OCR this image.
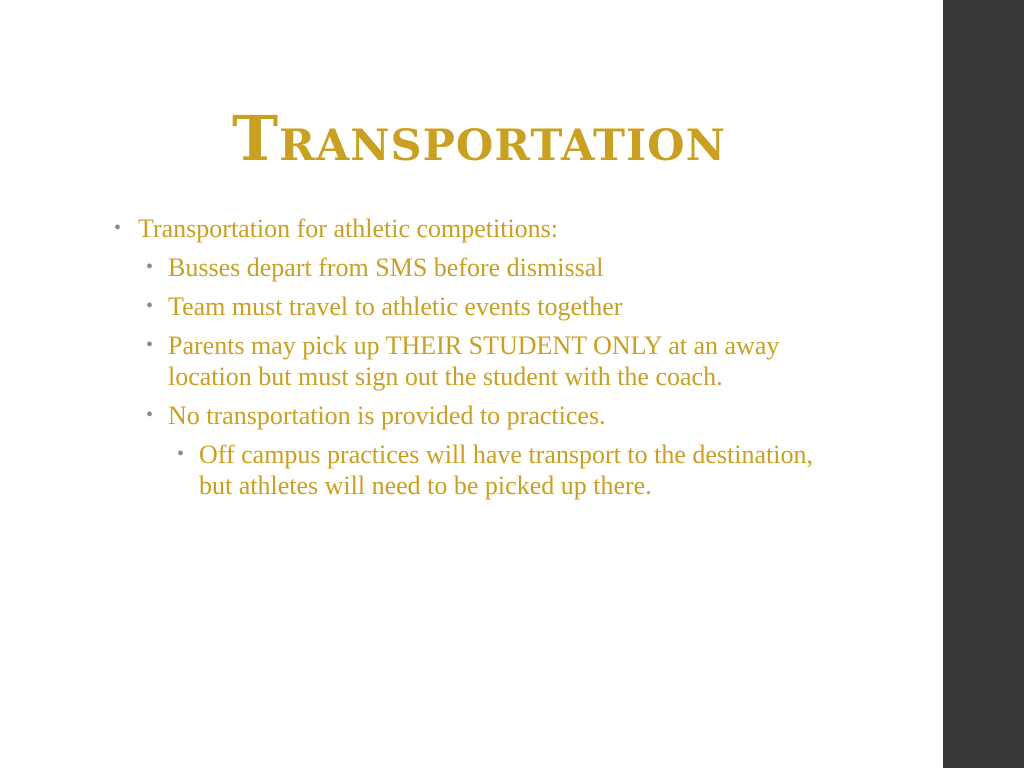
Transportation
• Transportation for athletic competitions:
• Busses depart from SMS before dismissal
• Team must travel to athletic events together
• Parents may pick up THEIR STUDENT ONLY at an away location but must sign out the student with the coach.
• No transportation is provided to practices.
• Off campus practices will have transport to the destination, but athletes will need to be picked up there.
